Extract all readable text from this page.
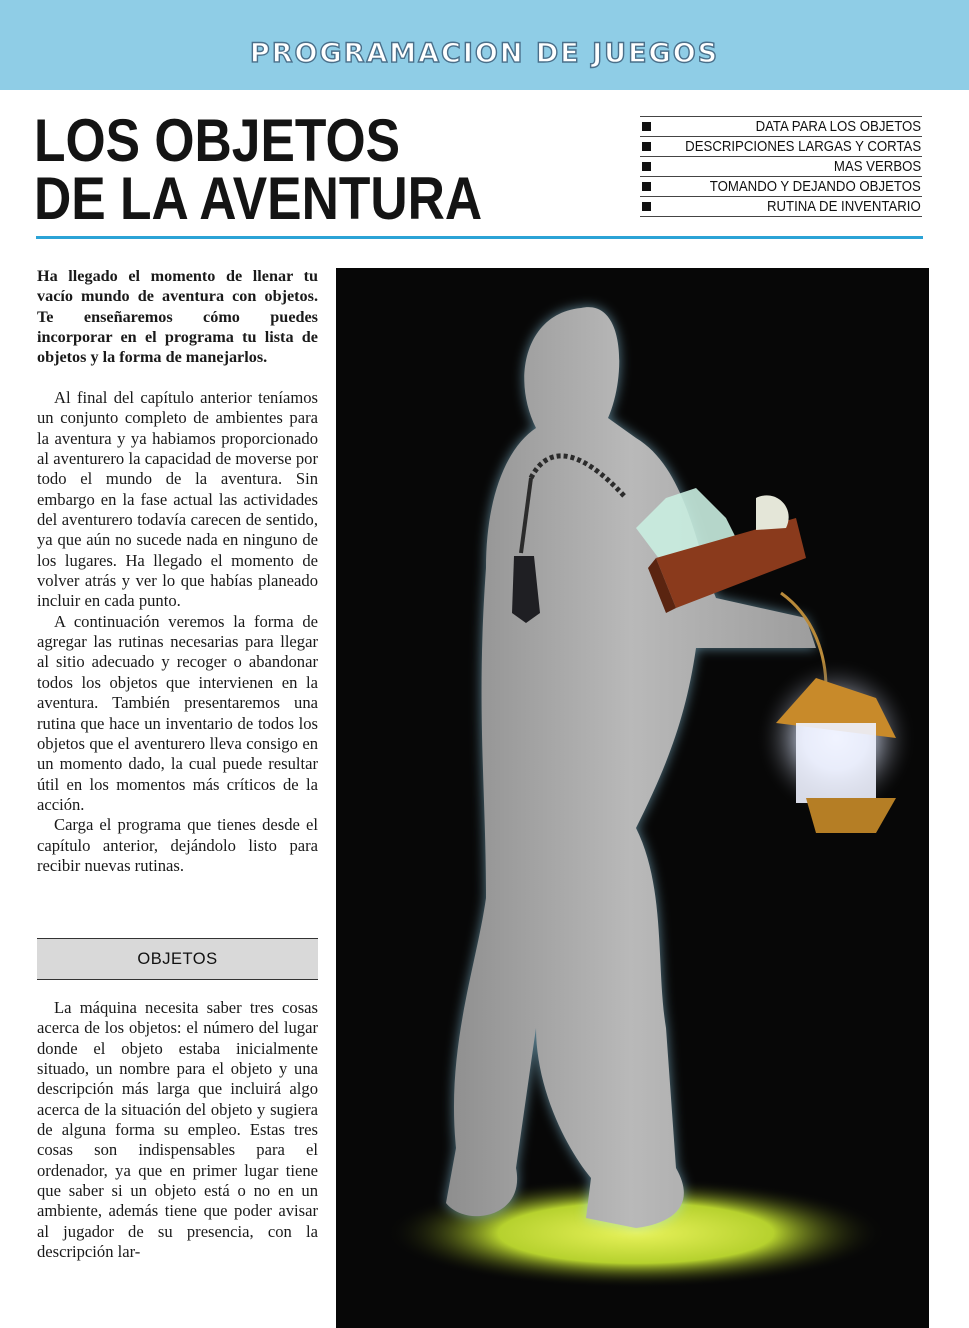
PROGRAMACION DE JUEGOS
LOS OBJETOS
DE LA AVENTURA
DATA PARA LOS OBJETOS
DESCRIPCIONES LARGAS Y CORTAS
MAS VERBOS
TOMANDO Y DEJANDO OBJETOS
RUTINA DE INVENTARIO
Ha llegado el momento de llenar tu vacío mundo de aventura con objetos. Te enseñaremos cómo puedes incorporar en el programa tu lista de objetos y la forma de manejarlos.

Al final del capítulo anterior teníamos un conjunto completo de ambientes para la aventura y ya habiamos proporcionado al aventurero la capacidad de moverse por todo el mundo de la aventura. Sin embargo en la fase actual las actividades del aventurero todavía carecen de sentido, ya que aún no sucede nada en ninguno de los lugares. Ha llegado el momento de volver atrás y ver lo que habías planeado incluir en cada punto.

A continuación veremos la forma de agregar las rutinas necesarias para llegar al sitio adecuado y recoger o abandonar todos los objetos que intervienen en la aventura. También presentaremos una rutina que hace un inventario de todos los objetos que el aventurero lleva consigo en un momento dado, la cual puede resultar útil en los momentos más críticos de la acción.

Carga el programa que tienes desde el capítulo anterior, dejándolo listo para recibir nuevas rutinas.

OBJETOS

La máquina necesita saber tres cosas acerca de los objetos: el número del lugar donde el objeto estaba inicialmente situado, un nombre para el objeto y una descripción más larga que incluirá algo acerca de la situación del objeto y sugiera de alguna forma su empleo. Estas tres cosas son indispensables para el ordenador, ya que en primer lugar tiene que saber si un objeto está o no en un ambiente, además tiene que poder avisar al jugador de su presencia, con la descripción lar-
